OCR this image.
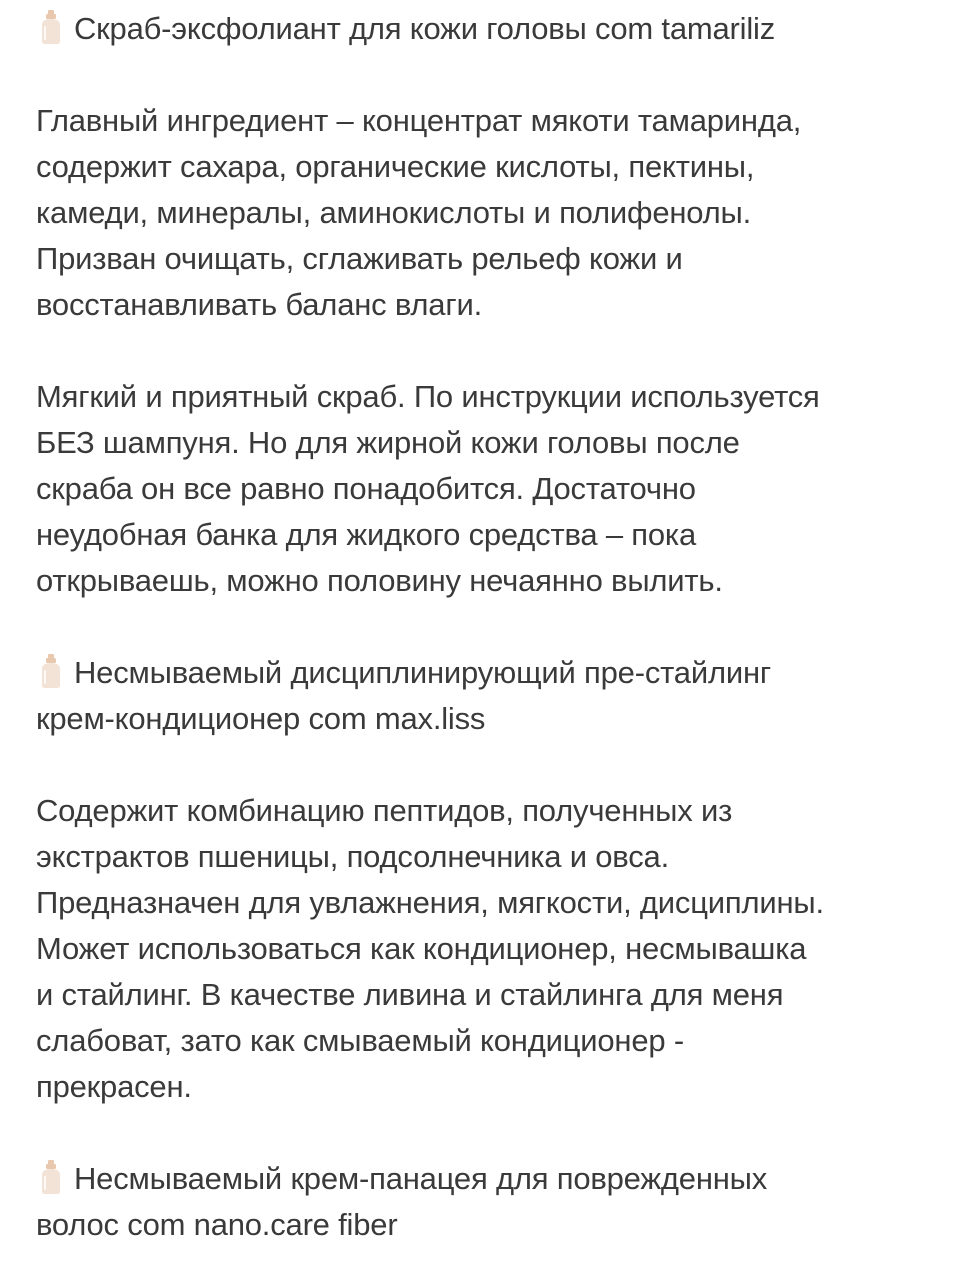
Скраб-эксфолиант для кожи головы com tamariliz
Главный ингредиент – концентрат мякоти тамаринда,
содержит сахара, органические кислоты, пектины,
камеди, минералы, аминокислоты и полифенолы.
Призван очищать, сглаживать рельеф кожи и
восстанавливать баланс влаги.
Мягкий и приятный скраб. По инструкции используется
БЕЗ шампуня. Но для жирной кожи головы после
скраба он все равно понадобится. Достаточно
неудобная банка для жидкого средства – пока
открываешь, можно половину нечаянно вылить.
Несмываемый дисциплинирующий пре-стайлинг
крем-кондиционер com max.liss
Содержит комбинацию пептидов, полученных из
экстрактов пшеницы, подсолнечника и овса.
Предназначен для увлажнения, мягкости, дисциплины.
Может использоваться как кондиционер, несмывашка
и стайлинг. В качестве ливина и стайлинга для меня
слабоват, зато как смываемый кондиционер -
прекрасен.
Несмываемый крем-панацея для поврежденных
волос com nano.care fiber
